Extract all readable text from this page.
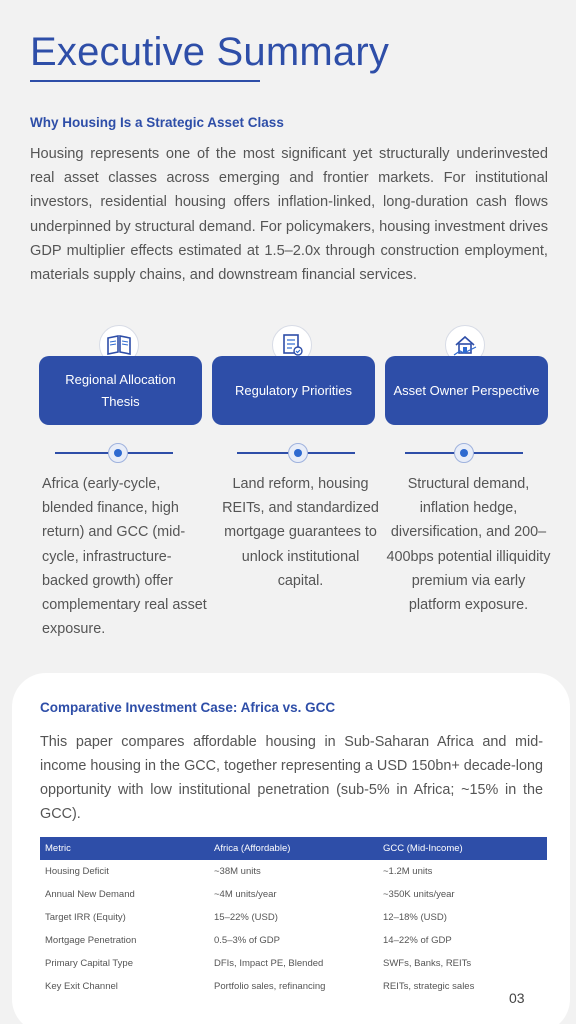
Executive Summary
Why Housing Is a Strategic Asset Class

Housing represents one of the most significant yet structurally underinvested real asset classes across emerging and frontier markets. For institutional investors, residential housing offers inflation-linked, long-duration cash flows underpinned by structural demand. For policymakers, housing investment drives GDP multiplier effects estimated at 1.5–2.0x through construction employment, materials supply chains, and downstream financial services.

Regional Allocation Thesis

Africa (early-cycle, blended finance, high return) and GCC (mid-cycle, infrastructure-backed growth) offer complementary real asset exposure.

Regulatory Priorities

Land reform, housing REITs, and standardized mortgage guarantees to unlock institutional capital.

Asset Owner Perspective

Structural demand, inflation hedge, diversification, and 200–400bps potential illiquidity premium via early platform exposure.

Comparative Investment Case: Africa vs. GCC

This paper compares affordable housing in Sub-Saharan Africa and mid-income housing in the GCC, together representing a USD 150bn+ decade-long opportunity with low institutional penetration (sub-5% in Africa; ~15% in the GCC).

Metric	Africa (Affordable)	GCC (Mid-Income)
Housing Deficit	~38M units	~1.2M units
Annual New Demand	~4M units/year	~350K units/year
Target IRR (Equity)	15–22% (USD)	12–18% (USD)
Mortgage Penetration	0.5–3% of GDP	14–22% of GDP
Primary Capital Type	DFIs, Impact PE, Blended	SWFs, Banks, REITs
Key Exit Channel	Portfolio sales, refinancing	REITs, strategic sales
03
